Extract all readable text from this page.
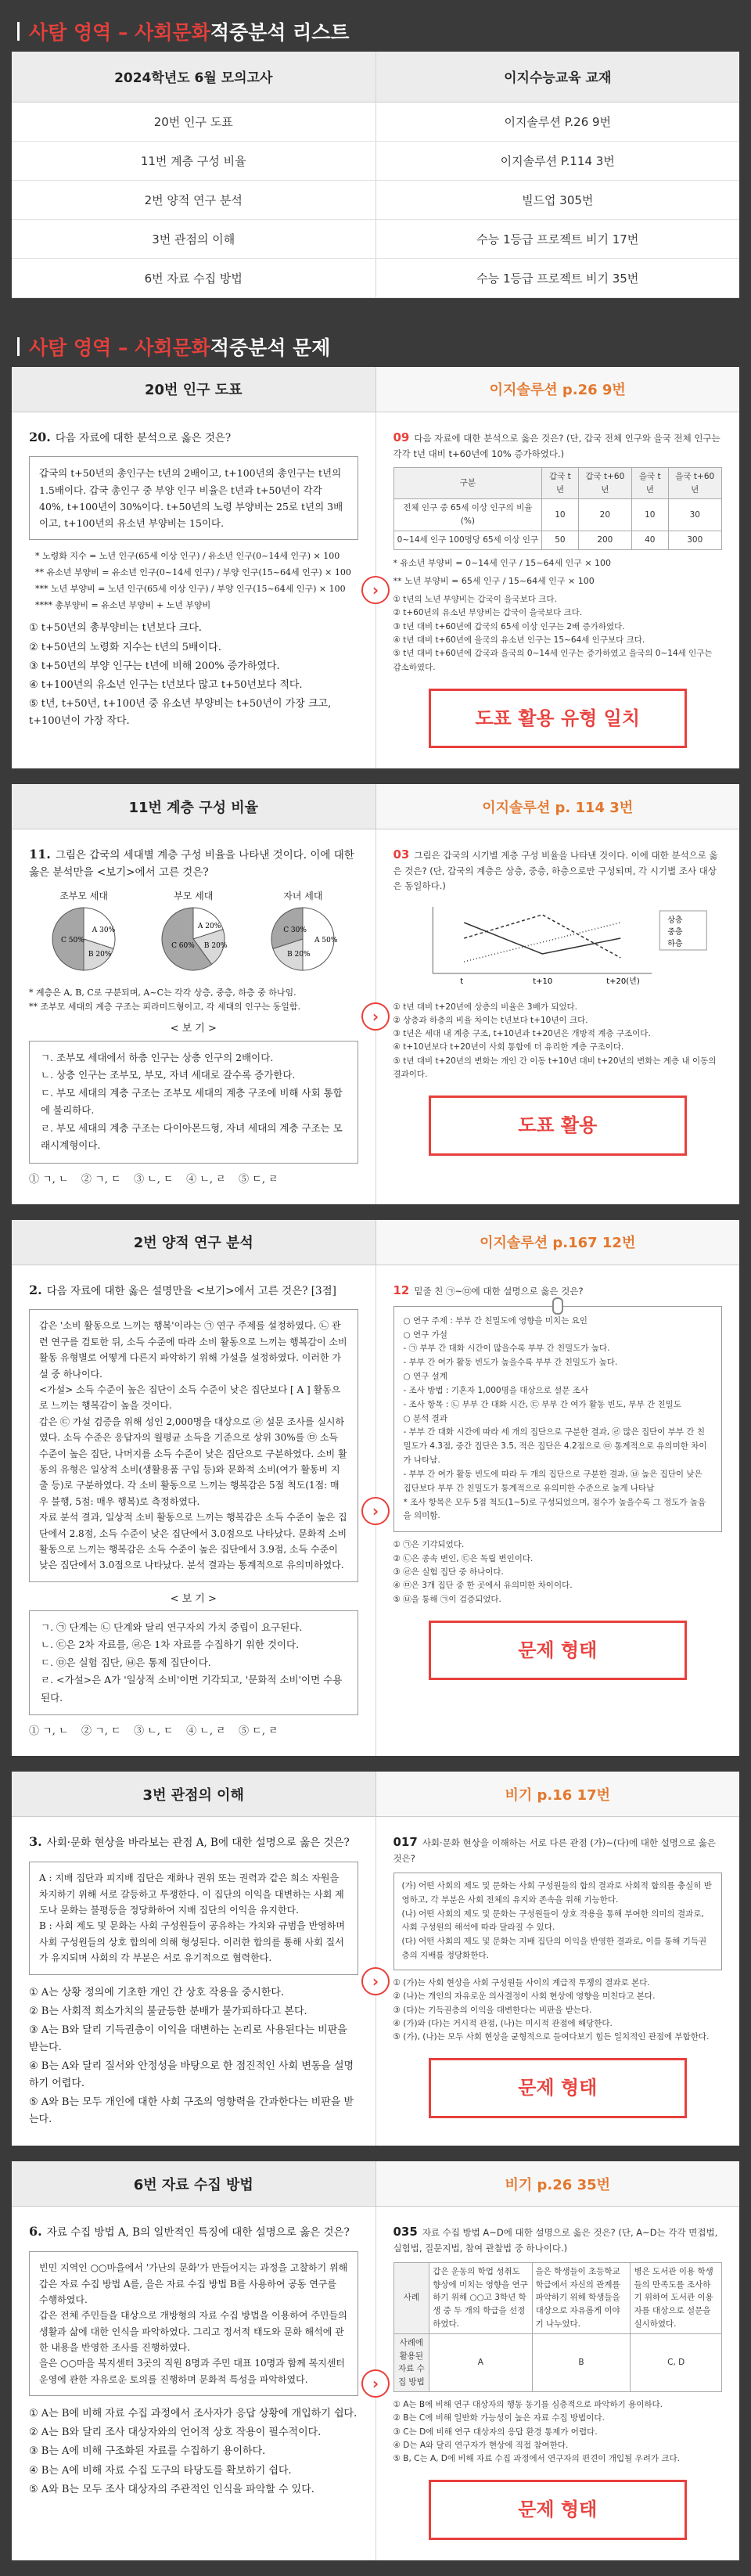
사탐 영역 – 사회문화 적중분석 리스트
2024학년도 6월 모의고사	이지수능교육 교재
20번 인구 도표	이지솔루션 P.26 9번
11번 계층 구성 비율	이지솔루션 P.114 3번
2번 양적 연구 분석	빌드업 305번
3번 관점의 이해	수능 1등급 프로젝트 비기 17번
6번 자료 수집 방법	수능 1등급 프로젝트 비기 35번
사탐 영역 – 사회문화 적중분석 문제
20번 인구 도표	이지솔루션 p.26 9번
20. 다음 자료에 대한 분석으로 옳은 것은?
갑국의 t+50년의 총인구는 t년의 2배이고, t+100년의 총인구는 t년의 1.5배이다. 갑국 총인구 중 부양 인구 비율은 t년과 t+50년이 각각 40%, t+100년이 30%이다. t+50년의 노령 부양비는 25로 t년의 3배이고, t+100년의 유소년 부양비는 15이다.
* 노령화 지수 = 노년 인구(65세 이상 인구) / 유소년 인구(0~14세 인구) × 100
** 유소년 부양비 = 유소년 인구(0~14세 인구) / 부양 인구(15~64세 인구) × 100
*** 노년 부양비 = 노년 인구(65세 이상 인구) / 부양 인구(15~64세 인구) × 100
**** 총부양비 = 유소년 부양비 + 노년 부양비
① t+50년의 총부양비는 t년보다 크다.
② t+50년의 노령화 지수는 t년의 5배이다.
③ t+50년의 부양 인구는 t년에 비해 200% 증가하였다.
④ t+100년의 유소년 인구는 t년보다 많고 t+50년보다 적다.
⑤ t년, t+50년, t+100년 중 유소년 부양비는 t+50년이 가장 크고, t+100년이 가장 작다.
09 다음 자료에 대한 분석으로 옳은 것은? (단, 갑국 전체 인구와 을국 전체 인구는 각각 t년 대비 t+60년에 10% 증가하였다.)
구분	갑국 t년	갑국 t+60년	을국 t년	을국 t+60년
전체 인구 중 65세 이상 인구의 비율(%)	10	20	10	30
0~14세 인구 100명당 65세 이상 인구	50	200	40	300
* 유소년 부양비 = 0~14세 인구 / 15~64세 인구 × 100
** 노년 부양비 = 65세 인구 / 15~64세 인구 × 100
① t년의 노년 부양비는 갑국이 을국보다 크다.
② t+60년의 유소년 부양비는 갑국이 을국보다 크다.
③ t년 대비 t+60년에 갑국의 65세 이상 인구는 2배 증가하였다.
④ t년 대비 t+60년에 을국의 유소년 인구는 15~64세 인구보다 크다.
⑤ t년 대비 t+60년에 갑국과 을국의 0~14세 인구는 증가하였고 을국의 0~14세 인구는 감소하였다.
도표 활용 유형 일치
›
11번 계층 구성 비율	이지솔루션 p. 114 3번
11. 그림은 갑국의 세대별 계층 구성 비율을 나타낸 것이다. 이에 대한 옳은 분석만을 <보기>에서 고른 것은?
조부모 세대
A 30%
B 20%
C 50%
부모 세대
A 20%
B 20%
C 60%
자녀 세대
A 50%
B 20%
C 30%
* 계층은 A, B, C로 구분되며, A~C는 각각 상층, 중층, 하층 중 하나임.
** 조부모 세대의 계층 구조는 피라미드형이고, 각 세대의 인구는 동일함.
< 보 기 >
ㄱ. 조부모 세대에서 하층 인구는 상층 인구의 2배이다.
ㄴ. 상층 인구는 조부모, 부모, 자녀 세대로 갈수록 증가한다.
ㄷ. 부모 세대의 계층 구조는 조부모 세대의 계층 구조에 비해 사회 통합에 불리하다.
ㄹ. 부모 세대의 계층 구조는 다이아몬드형, 자녀 세대의 계층 구조는 모래시계형이다.
① ㄱ, ㄴ    ② ㄱ, ㄷ    ③ ㄴ, ㄷ    ④ ㄴ, ㄹ    ⑤ ㄷ, ㄹ
03 그림은 갑국의 시기별 계층 구성 비율을 나타낸 것이다. 이에 대한 분석으로 옳은 것은? (단, 갑국의 계층은 상층, 중층, 하층으로만 구성되며, 각 시기별 조사 대상은 동일하다.)
t	t+10	t+20(년)
상층
중층
하층
① t년 대비 t+20년에 상층의 비율은 3배가 되었다.
② 상층과 하층의 비율 차이는 t년보다 t+10년이 크다.
③ t년은 세대 내 계층 구조, t+10년과 t+20년은 개방적 계층 구조이다.
④ t+10년보다 t+20년이 사회 통합에 더 유리한 계층 구조이다.
⑤ t년 대비 t+20년의 변화는 개인 간 이동 t+10년 대비 t+20년의 변화는 계층 내 이동의 결과이다.
도표 활용
›
2번 양적 연구 분석	이지솔루션 p.167 12번
2. 다음 자료에 대한 옳은 설명만을 <보기>에서 고른 것은? [3점]
갑은 '소비 활동으로 느끼는 행복'이라는 ㉠ 연구 주제를 설정하였다. ㉡ 관련 연구를 검토한 뒤, 소득 수준에 따라 소비 활동으로 느끼는 행복감이 소비 활동 유형별로 어떻게 다른지 파악하기 위해 가설을 설정하였다. 이러한 가설 중 하나이다.
<가설> 소득 수준이 높은 집단이 소득 수준이 낮은 집단보다 [ A ] 활동으로 느끼는 행복감이 높을 것이다.
갑은 ㉢ 가설 검증을 위해 성인 2,000명을 대상으로 ㉣ 설문 조사를 실시하였다. 소득 수준은 응답자의 월평균 소득을 기준으로 상위 30%를 ㉤ 소득 수준이 높은 집단, 나머지를 소득 수준이 낮은 집단으로 구분하였다. 소비 활동의 유형은 일상적 소비(생활용품 구입 등)와 문화적 소비(여가 활동비 지출 등)로 구분하였다. 각 소비 활동으로 느끼는 행복감은 5점 척도(1점: 매우 불행, 5점: 매우 행복)로 측정하였다.
자료 분석 결과, 일상적 소비 활동으로 느끼는 행복감은 소득 수준이 높은 집단에서 2.8점, 소득 수준이 낮은 집단에서 3.0점으로 나타났다. 문화적 소비 활동으로 느끼는 행복감은 소득 수준이 높은 집단에서 3.9점, 소득 수준이 낮은 집단에서 3.0점으로 나타났다. 분석 결과는 통계적으로 유의미하였다.
< 보 기 >
ㄱ. ㉠ 단계는 ㉡ 단계와 달리 연구자의 가치 중립이 요구된다.
ㄴ. ㉢은 2차 자료를, ㉣은 1차 자료를 수집하기 위한 것이다.
ㄷ. ㉤은 실험 집단, ㉥은 통제 집단이다.
ㄹ. <가설>은 A가 '일상적 소비'이면 기각되고, '문화적 소비'이면 수용된다.
① ㄱ, ㄴ    ② ㄱ, ㄷ    ③ ㄴ, ㄷ    ④ ㄴ, ㄹ    ⑤ ㄷ, ㄹ
12 밑줄 친 ㉠~㉤에 대한 설명으로 옳은 것은?
○ 연구 주제 : 부부 간 친밀도에 영향을 미치는 요인
○ 연구 가설
- ㉠ 부부 간 대화 시간이 많을수록 부부 간 친밀도가 높다.
- 부부 간 여가 활동 빈도가 높을수록 부부 간 친밀도가 높다.
○ 연구 설계
- 조사 방법 : 기혼자 1,000명을 대상으로 설문 조사
- 조사 항목 : ㉡ 부부 간 대화 시간, ㉢ 부부 간 여가 활동 빈도, 부부 간 친밀도
○ 분석 결과
- 부부 간 대화 시간에 따라 세 개의 집단으로 구분한 결과, ㉣ 많은 집단이 부부 간 친밀도가 4.3점, 중간 집단은 3.5, 적은 집단은 4.2점으로 ㉤ 통계적으로 유의미한 차이가 나타남.
- 부부 간 여가 활동 빈도에 따라 두 개의 집단으로 구분한 결과, ㉥ 높은 집단이 낮은 집단보다 부부 간 친밀도가 통계적으로 유의미한 수준으로 높게 나타남
* 조사 항목은 모두 5점 척도(1~5)로 구성되었으며, 점수가 높을수록 그 정도가 높음을 의미함.
① ㉠은 기각되었다.
② ㉡은 종속 변인, ㉢은 독립 변인이다.
③ ㉣은 실험 집단 중 하나이다.
④ ㉤은 3개 집단 중 한 곳에서 유의미한 차이이다.
⑤ ㉥을 통해 ㉠이 검증되었다.
문제 형태
›
3번 관점의 이해	비기 p.16 17번
3. 사회·문화 현상을 바라보는 관점 A, B에 대한 설명으로 옳은 것은?
A : 지배 집단과 피지배 집단은 재화나 권위 또는 권력과 같은 희소 자원을 차지하기 위해 서로 갈등하고 투쟁한다. 이 집단의 이익을 대변하는 사회 제도나 문화는 불평등을 정당화하여 지배 집단의 이익을 유지한다.
B : 사회 제도 및 문화는 사회 구성원들이 공유하는 가치와 규범을 반영하며 사회 구성원들의 상호 합의에 의해 형성된다. 이러한 합의를 통해 사회 질서가 유지되며 사회의 각 부분은 서로 유기적으로 협력한다.
① A는 상황 정의에 기초한 개인 간 상호 작용을 중시한다.
② B는 사회적 희소가치의 불균등한 분배가 불가피하다고 본다.
③ A는 B와 달리 기득권층이 이익을 대변하는 논리로 사용된다는 비판을 받는다.
④ B는 A와 달리 질서와 안정성을 바탕으로 한 점진적인 사회 변동을 설명하기 어렵다.
⑤ A와 B는 모두 개인에 대한 사회 구조의 영향력을 간과한다는 비판을 받는다.
017 사회·문화 현상을 이해하는 서로 다른 관점 (가)~(다)에 대한 설명으로 옳은 것은?
(가) 어떤 사회의 제도 및 문화는 사회 구성원들의 합의 결과로 사회적 합의를 충실히 반영하고, 각 부분은 사회 전체의 유지와 존속을 위해 기능한다.
(나) 어떤 사회의 제도 및 문화는 구성원들이 상호 작용을 통해 부여한 의미의 결과로, 사회 구성원의 해석에 따라 달라질 수 있다.
(다) 어떤 사회의 제도 및 문화는 지배 집단의 이익을 반영한 결과로, 이를 통해 기득권층의 지배를 정당화한다.
① (가)는 사회 현상을 사회 구성원들 사이의 계급적 투쟁의 결과로 본다.
② (나)는 개인의 자유로운 의사결정이 사회 현상에 영향을 미친다고 본다.
③ (다)는 기득권층의 이익을 대변한다는 비판을 받는다.
④ (가)와 (다)는 거시적 관점, (나)는 미시적 관점에 해당한다.
⑤ (가), (나)는 모두 사회 현상을 균형적으로 들여다보기 힘든 일치적인 관점에 부합한다.
문제 형태
›
6번 자료 수집 방법	비기 p.26 35번
6. 자료 수집 방법 A, B의 일반적인 특징에 대한 설명으로 옳은 것은?
빈민 지역인 ○○마을에서 '가난의 문화'가 만들어지는 과정을 고찰하기 위해 갑은 자료 수집 방법 A를, 을은 자료 수집 방법 B를 사용하여 공동 연구를 수행하였다.
갑은 전체 주민들을 대상으로 개방형의 자료 수집 방법을 이용하여 주민들의 생활과 삶에 대한 인식을 파악하였다. 그리고 정서적 태도와 문화 해석에 관한 내용을 반영한 조사를 진행하였다.
을은 ○○마을 복지센터 3곳의 직원 8명과 주민 대표 10명과 함께 복지센터 운영에 관한 자유로운 토의를 진행하며 문화적 특성을 파악하였다.
① A는 B에 비해 자료 수집 과정에서 조사자가 응답 상황에 개입하기 쉽다.
② A는 B와 달리 조사 대상자와의 언어적 상호 작용이 필수적이다.
③ B는 A에 비해 구조화된 자료를 수집하기 용이하다.
④ B는 A에 비해 자료 수집 도구의 타당도를 확보하기 쉽다.
⑤ A와 B는 모두 조사 대상자의 주관적인 인식을 파악할 수 있다.
035 자료 수집 방법 A~D에 대한 설명으로 옳은 것은? (단, A~D는 각각 면접법, 실험법, 질문지법, 참여 관찰법 중 하나이다.)
사례	갑은 운동의 학업 성취도 향상에 미치는 영향을 연구하기 위해 ○○고 3학년 학생 중 두 개의 학급을 선정하였다.	을은 학생들이 초등학교 학급에서 자신의 관계를 파악하기 위해 학생들을 대상으로 자유롭게 이야기 나누었다.	병은 도서관 이용 학생들의 만족도를 조사하기 위하여 도서관 이용자를 대상으로 설문을 실시하였다.
사례에 활용된 자료 수집 방법	A	B	C, D
① A는 B에 비해 연구 대상자의 행동 동기를 심층적으로 파악하기 용이하다.
② B는 C에 비해 일반화 가능성이 높은 자료 수집 방법이다.
③ C는 D에 비해 연구 대상자의 응답 환경 통제가 어렵다.
④ D는 A와 달리 연구자가 현상에 직접 참여한다.
⑤ B, C는 A, D에 비해 자료 수집 과정에서 연구자의 편견이 개입될 우려가 크다.
문제 형태
›
